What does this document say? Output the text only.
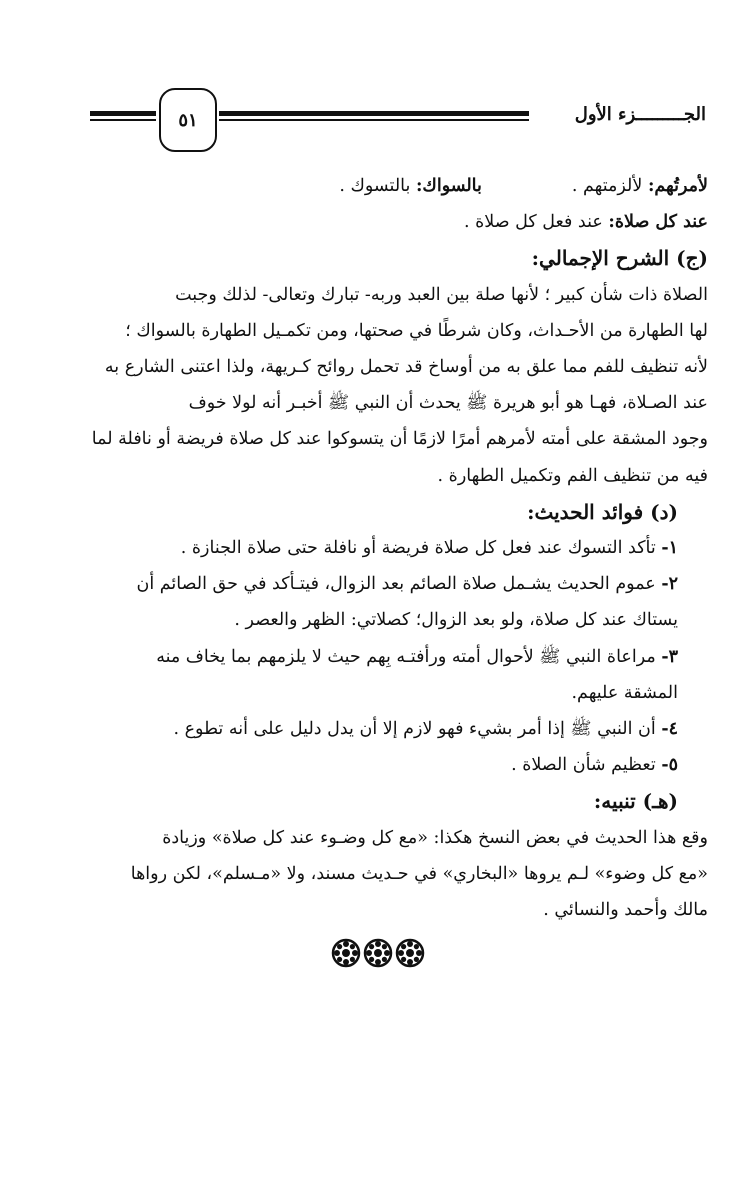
الجـــــــــزء الأول
٥١
لأمرتُهم: لألزمتهم .
بالسواك: بالتسوك .
عند كل صلاة: عند فعل كل صلاة .
(ج) الشرح الإجمالي:
الصلاة ذات شأن كبير ؛ لأنها صلة بين العبد وربه- تبارك وتعالى- لذلك وجبت
لها الطهارة من الأحـداث، وكان شرطًا في صحتها، ومن تكمـيل الطهارة بالسواك ؛
لأنه تنظيف للفم مما علق به من أوساخ قد تحمل روائح كـريهة، ولذا اعتنى الشارع به
عند الصـلاة، فهـا هو أبو هريرة ﷺ يحدث أن النبي ﷺ أخبـر أنه لولا خوف
وجود المشقة على أمته لأمرهم أمرًا لازمًا أن يتسوكوا عند كل صلاة فريضة أو نافلة لما
فيه من تنظيف الفم وتكميل الطهارة .
(د) فوائد الحديث:
١- تأكد التسوك عند فعل كل صلاة فريضة أو نافلة حتى صلاة الجنازة .
٢- عموم الحديث يشـمل صلاة الصائم بعد الزوال، فيتـأكد في حق الصائم أن
يستاك عند كل صلاة، ولو بعد الزوال؛ كصلاتي: الظهر والعصر .
٣- مراعاة النبي ﷺ لأحوال أمته ورأفتـه بِهم حيث لا يلزمهم بما يخاف منه
المشقة عليهم.
٤- أن النبي ﷺ إذا أمر بشيء فهو لازم إلا أن يدل دليل على أنه تطوع .
٥- تعظيم شأن الصلاة .
(هـ) تنبيه:
وقع هذا الحديث في بعض النسخ هكذا: «مع كل وضـوء عند كل صلاة» وزيادة
«مع كل وضوء» لـم يروها «البخاري» في حـديث مسند، ولا «مـسلم»، لكن رواها
مالك وأحمد والنسائي .
